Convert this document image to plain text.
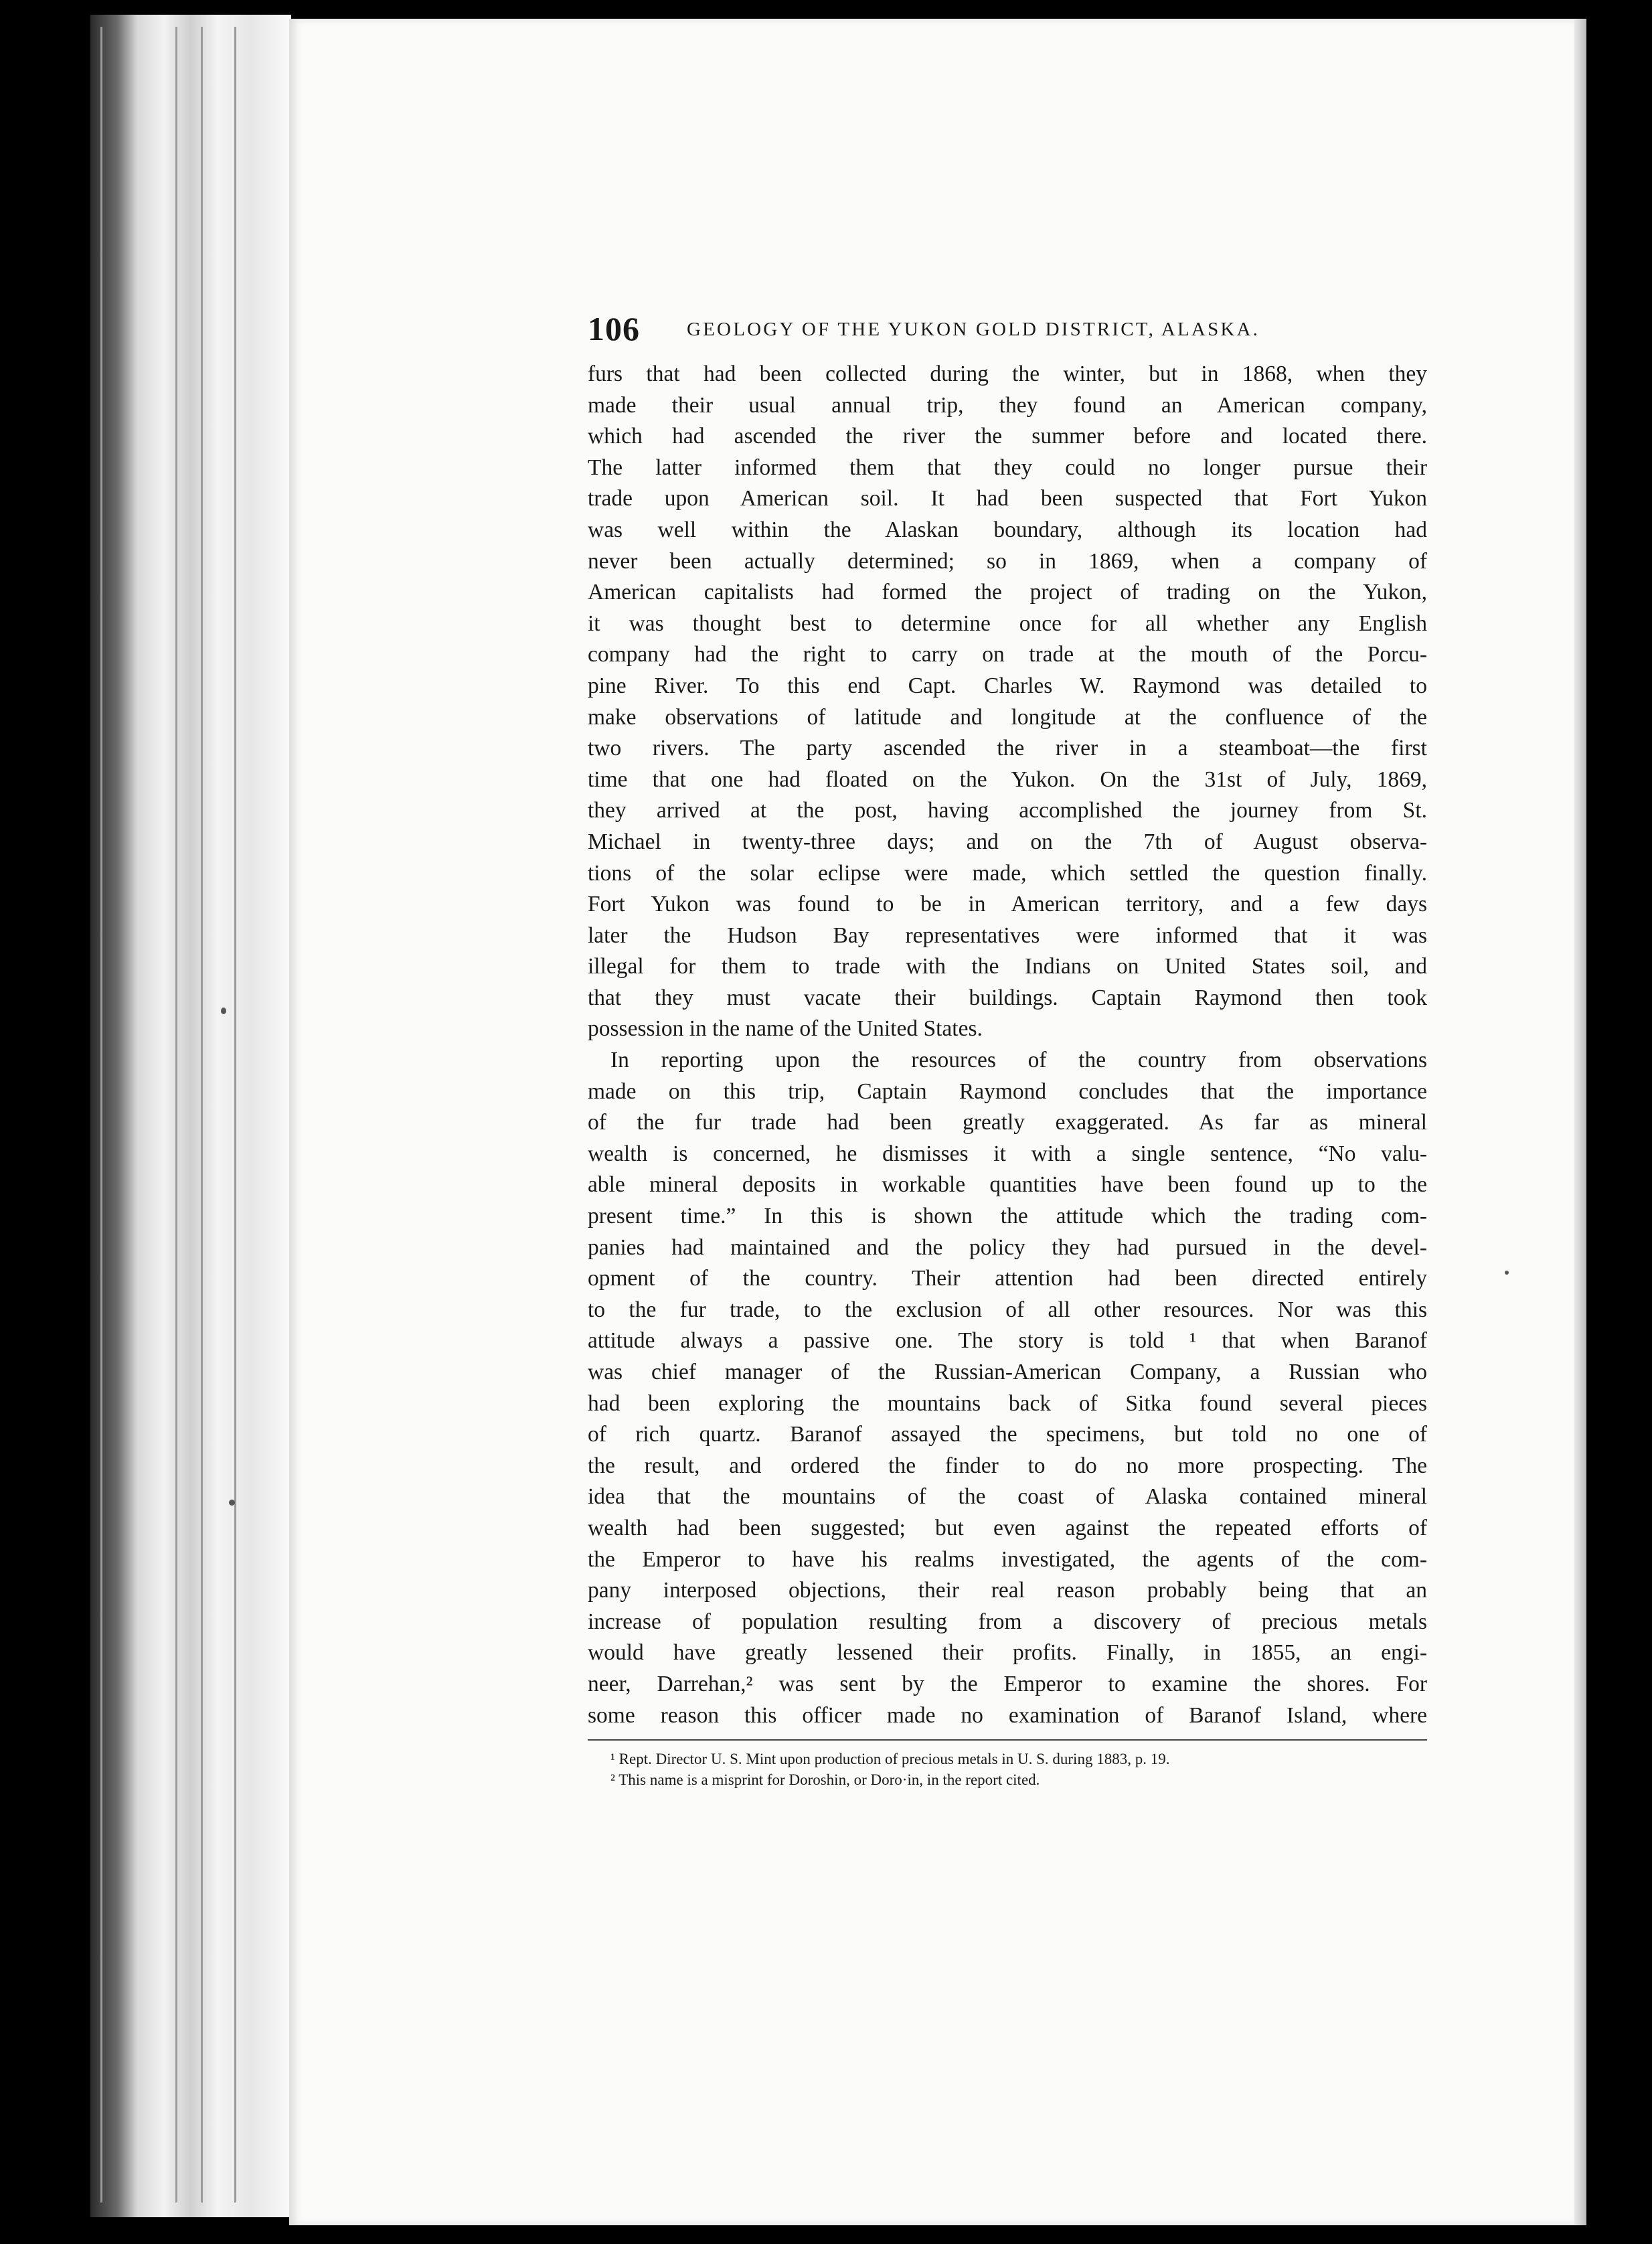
106 GEOLOGY OF THE YUKON GOLD DISTRICT, ALASKA.
furs that had been collected during the winter, but in 1868, when they
made their usual annual trip, they found an American company,
which had ascended the river the summer before and located there.
The latter informed them that they could no longer pursue their
trade upon American soil. It had been suspected that Fort Yukon
was well within the Alaskan boundary, although its location had
never been actually determined; so in 1869, when a company of
American capitalists had formed the project of trading on the Yukon,
it was thought best to determine once for all whether any English
company had the right to carry on trade at the mouth of the Porcu-
pine River. To this end Capt. Charles W. Raymond was detailed to
make observations of latitude and longitude at the confluence of the
two rivers. The party ascended the river in a steamboat—the first
time that one had floated on the Yukon. On the 31st of July, 1869,
they arrived at the post, having accomplished the journey from St.
Michael in twenty-three days; and on the 7th of August observa-
tions of the solar eclipse were made, which settled the question finally.
Fort Yukon was found to be in American territory, and a few days
later the Hudson Bay representatives were informed that it was
illegal for them to trade with the Indians on United States soil, and
that they must vacate their buildings. Captain Raymond then took
possession in the name of the United States.
In reporting upon the resources of the country from observations
made on this trip, Captain Raymond concludes that the importance
of the fur trade had been greatly exaggerated. As far as mineral
wealth is concerned, he dismisses it with a single sentence, “No valu-
able mineral deposits in workable quantities have been found up to the
present time.” In this is shown the attitude which the trading com-
panies had maintained and the policy they had pursued in the devel-
opment of the country. Their attention had been directed entirely
to the fur trade, to the exclusion of all other resources. Nor was this
attitude always a passive one. The story is told ¹ that when Baranof
was chief manager of the Russian-American Company, a Russian who
had been exploring the mountains back of Sitka found several pieces
of rich quartz. Baranof assayed the specimens, but told no one of
the result, and ordered the finder to do no more prospecting. The
idea that the mountains of the coast of Alaska contained mineral
wealth had been suggested; but even against the repeated efforts of
the Emperor to have his realms investigated, the agents of the com-
pany interposed objections, their real reason probably being that an
increase of population resulting from a discovery of precious metals
would have greatly lessened their profits. Finally, in 1855, an engi-
neer, Darrehan,² was sent by the Emperor to examine the shores. For
some reason this officer made no examination of Baranof Island, where
¹ Rept. Director U. S. Mint upon production of precious metals in U. S. during 1883, p. 19.
² This name is a misprint for Doroshin, or Doro·in, in the report cited.
